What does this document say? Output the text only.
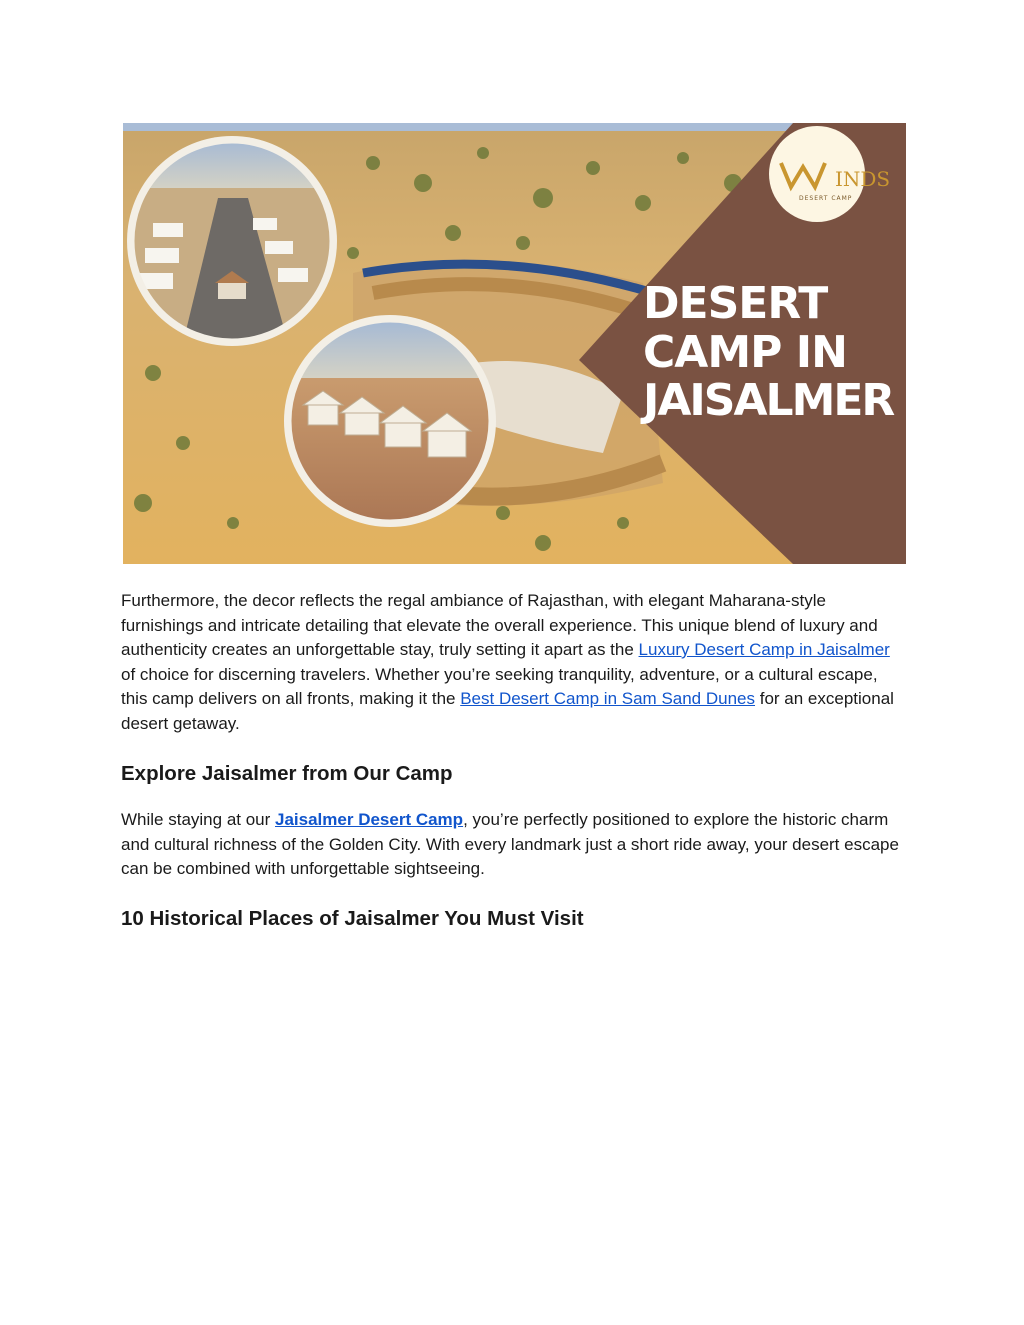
INDS
DESERT CAMP
DESERT
CAMP IN
JAISALMER

Furthermore, the decor reflects the regal ambiance of Rajasthan, with elegant Maharana-style furnishings and intricate detailing that elevate the overall experience. This unique blend of luxury and authenticity creates an unforgettable stay, truly setting it apart as the Luxury Desert Camp in Jaisalmer of choice for discerning travelers. Whether you’re seeking tranquility, adventure, or a cultural escape, this camp delivers on all fronts, making it the Best Desert Camp in Sam Sand Dunes for an exceptional desert getaway.

Explore Jaisalmer from Our Camp

While staying at our Jaisalmer Desert Camp, you’re perfectly positioned to explore the historic charm and cultural richness of the Golden City. With every landmark just a short ride away, your desert escape can be combined with unforgettable sightseeing.

10 Historical Places of Jaisalmer You Must Visit
